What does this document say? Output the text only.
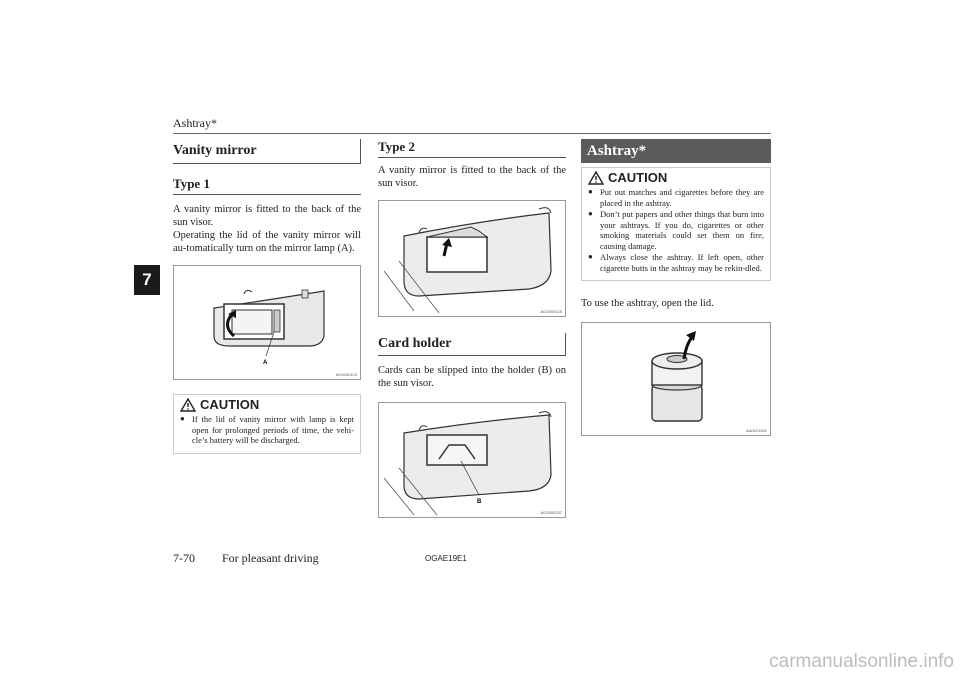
Ashtray*
7
Vanity mirror
Type 1

A vanity mirror is fitted to the back of the sun visor.

Operating the lid of the vanity mirror will au-tomatically turn on the mirror lamp (A).

A
AG0000123
CAUTION
● If the lid of vanity mirror with lamp is kept open for prolonged periods of time, the vehi-cle’s battery will be discharged.
Type 2

A vanity mirror is fitted to the back of the sun visor.

AG0000125
Card holder

Cards can be slipped into the holder (B) on the sun visor.

B
AG0000237
Ashtray*
CAUTION
● Put out matches and cigarettes before they are placed in the ashtray.
● Don’t put papers and other things that burn into your ashtrays. If you do, cigarettes or other smoking materials could set them on fire, causing damage.
● Always close the ashtray. If left open, other cigarette butts in the ashtray may be rekin-dled.

To use the ashtray, open the lid.

AA0021001
7-70 For pleasant driving	OGAE19E1
carmanualsonline.info
